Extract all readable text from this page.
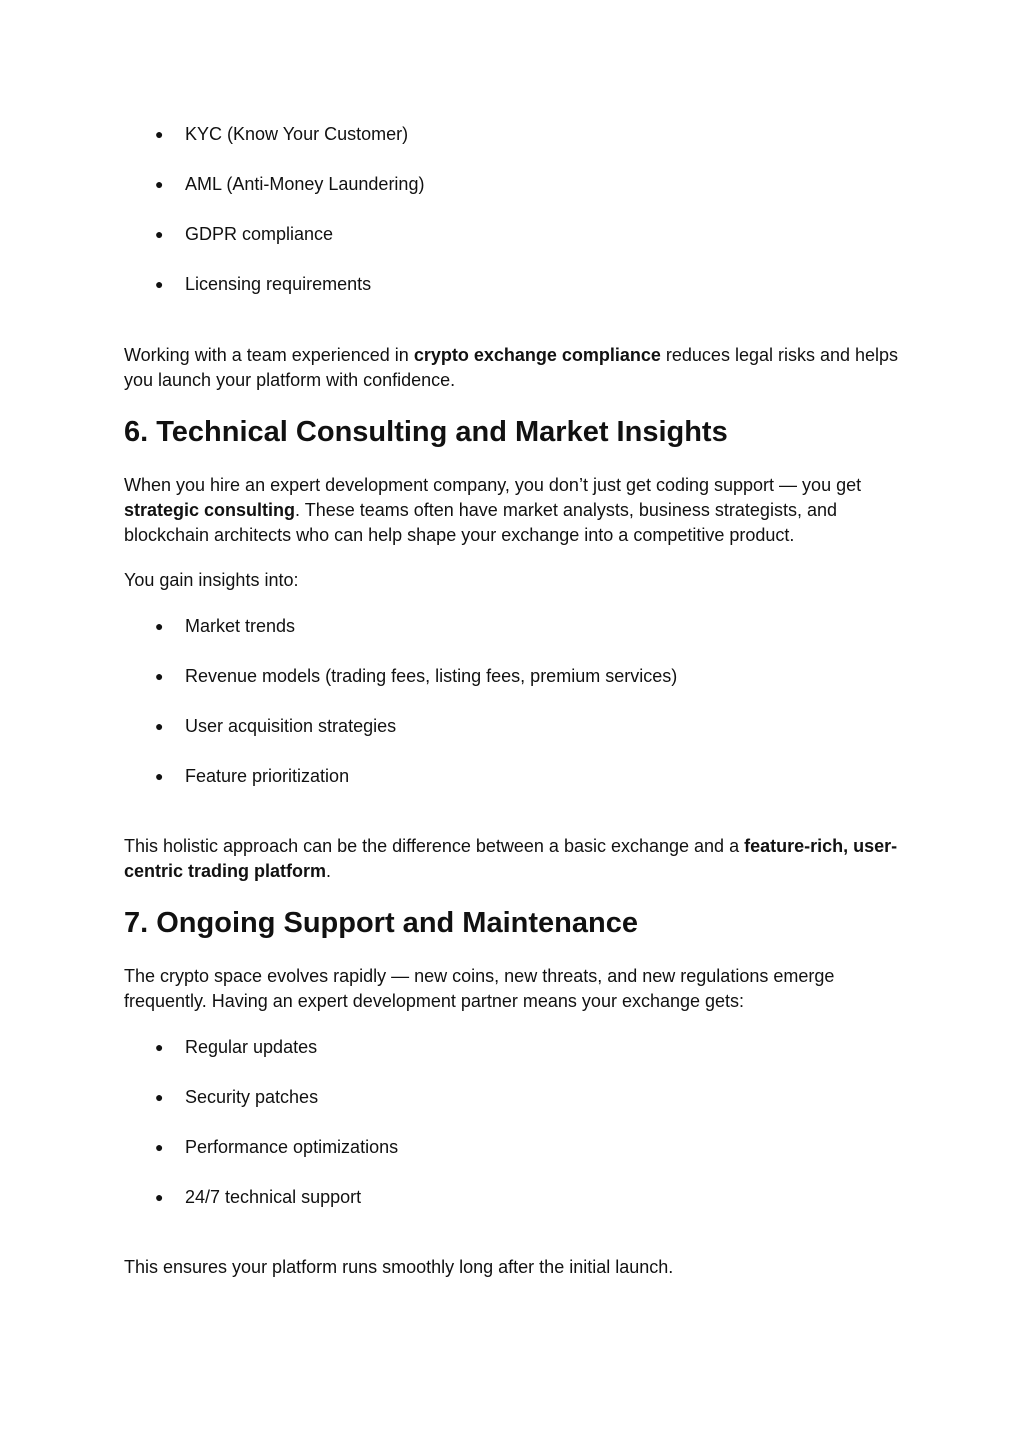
● KYC (Know Your Customer)
● AML (Anti-Money Laundering)
● GDPR compliance
● Licensing requirements

Working with a team experienced in crypto exchange compliance reduces legal risks and helps you launch your platform with confidence.

6. Technical Consulting and Market Insights

When you hire an expert development company, you don’t just get coding support — you get strategic consulting. These teams often have market analysts, business strategists, and blockchain architects who can help shape your exchange into a competitive product.

You gain insights into:

● Market trends
● Revenue models (trading fees, listing fees, premium services)
● User acquisition strategies
● Feature prioritization

This holistic approach can be the difference between a basic exchange and a feature-rich, user-centric trading platform.

7. Ongoing Support and Maintenance

The crypto space evolves rapidly — new coins, new threats, and new regulations emerge frequently. Having an expert development partner means your exchange gets:

● Regular updates
● Security patches
● Performance optimizations
● 24/7 technical support

This ensures your platform runs smoothly long after the initial launch.
